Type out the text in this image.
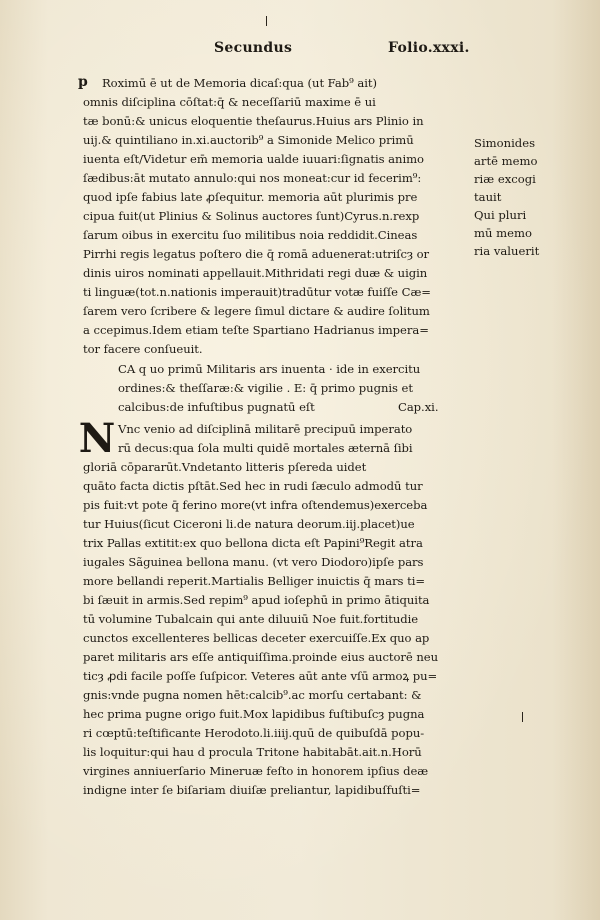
Secundus	Folio.xxxi.
p Roximū ē ut de Memoria dicaſ:qua (ut Fab⁹ ait)
omnis diſciplina cōſtat:q̄ & neceſſariū maxime ē ui
tæ bonū:& unicus eloquentie theſaurus.Huius ars Plinio in
uij.& quintiliano in.xi.auctorib⁹ a Simonide Melico primū
iuenta eſt/Videtur em̄ memoria ualde iuuari:ſignatis animo
ſædibus:āt mutato annulo:qui nos moneat:cur id fecerim⁹:
quod ipſe fabius late ꝓſequitur. memoria aūt plurimis pre
cipua fuit(ut Plinius & Solinus auctores ſunt)Cyrus.n.rexp
ſarum oibus in exercitu ſuo militibus noia reddidit.Cineas
Pirrhi regis legatus poſtero die q̄ romā aduenerat:utriſcȝ or
dinis uiros nominati appellauit.Mithridati regi duæ & uigin
ti linguæ(tot.n.nationis imperauit)tradūtur votæ fuiſſe Cæ=
ſarem vero ſcribere & legere ſimul dictare & audire ſolitum
a ccepimus.Idem etiam teſte Spartiano Hadrianus impera=
tor facere conſueuit.
CA q uo primū Militaris ars inuenta · ide in exercitu
ordines:& theſſaræ:& vigilie . E: q̄ primo pugnis et
calcibus:de infuſtibus pugnatū eſt	Cap.xi.
N Vnc venio ad diſciplinā militarē precipuū imperato
rū decus:qua ſola multi quidē mortales æternā ſibi
gloriā cōpararūt.Vndetanto litteris pſereda uidet
quāto facta dictis pſtāt.Sed hec in rudi ſæculo admodū tur
pis fuit:vt pote q̄ ferino more(vt infra oſtendemus)exerceba
tur Huius(ſicut Ciceroni li.de natura deorum.iij.placet)ue
trix Pallas extitit:ex quo bellona dicta eſt Papini⁹Regit atra
iugales Sãguinea bellona manu. (vt vero Diodoro)ipſe pars
more bellandi reperit.Martialis Belliger inuictis q̄ mars ti=
bi ſæuit in armis.Sed repim⁹ apud ioſephū in primo ātiquita
tū volumine Tubalcain qui ante diluuiū Noe fuit.fortitudie
cunctos excellenteres bellicas deceter exercuiſſe.Ex quo ap
paret militaris ars eſſe antiquiſſima.proinde eius auctorē neu
ticȝ ꝓdi facile poſſe ſuſpicor. Veteres aūt ante vſū armoꝝ pu=
gnis:vnde pugna nomen hēt:calcib⁹.ac morſu certabant: &
hec prima pugne origo fuit.Mox lapidibus fuſtibuſcȝ pugna
ri cœptū:teſtificante Herodoto.li.iiij.quū de quibuſdā popu-
lis loquitur:qui hau d procula Tritone habitabāt.ait.n.Horū
virgines anniuerſario Mineruæ feſto in honorem ipſius deæ
indigne inter ſe biſariam diuiſæ preliantur, lapidibuſfuſti=
Simonides
artē memo
riæ excogi
tauit
Qui pluri
mū memo
ria valuerit
